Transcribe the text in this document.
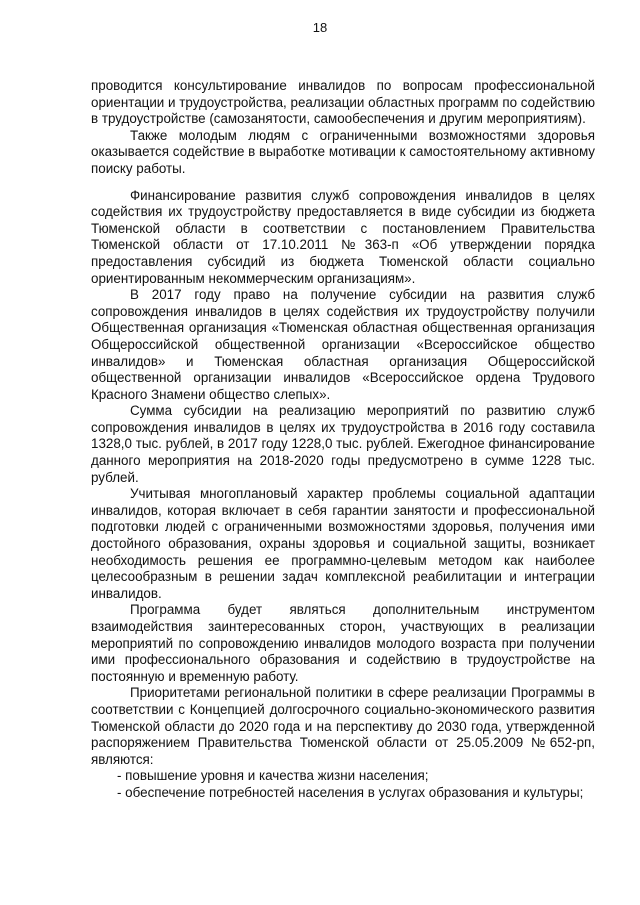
18

проводится консультирование инвалидов по вопросам профессиональной ориентации и трудоустройства, реализации областных программ по содействию в трудоустройстве (самозанятости, самообеспечения и другим мероприятиям).

Также молодым людям с ограниченными возможностями здоровья оказывается содействие в выработке мотивации к самостоятельному активному поиску работы.

Финансирование развития служб сопровождения инвалидов в целях содействия их трудоустройству предоставляется в виде субсидии из бюджета Тюменской области в соответствии с постановлением Правительства Тюменской области от 17.10.2011 №363-п «Об утверждении порядка предоставления субсидий из бюджета Тюменской области социально ориентированным некоммерческим организациям».

В 2017 году право на получение субсидии на развития служб сопровождения инвалидов в целях содействия их трудоустройству получили Общественная организация «Тюменская областная общественная организация Общероссийской общественной организации «Всероссийское общество инвалидов» и Тюменская областная организация Общероссийской общественной организации инвалидов «Всероссийское ордена Трудового Красного Знамени общество слепых».

Сумма субсидии на реализацию мероприятий по развитию служб сопровождения инвалидов в целях их трудоустройства в 2016 году составила 1328,0 тыс. рублей, в 2017 году 1228,0 тыс. рублей. Ежегодное финансирование данного мероприятия на 2018-2020 годы предусмотрено в сумме 1228 тыс. рублей.

Учитывая многоплановый характер проблемы социальной адаптации инвалидов, которая включает в себя гарантии занятости и профессиональной подготовки людей с ограниченными возможностями здоровья, получения ими достойного образования, охраны здоровья и социальной защиты, возникает необходимость решения ее программно-целевым методом как наиболее целесообразным в решении задач комплексной реабилитации и интеграции инвалидов.

Программа будет являться дополнительным инструментом взаимодействия заинтересованных сторон, участвующих в реализации мероприятий по сопровождению инвалидов молодого возраста при получении ими профессионального образования и содействию в трудоустройстве на постоянную и временную работу.

Приоритетами региональной политики в сфере реализации Программы в соответствии с Концепцией долгосрочного социально-экономического развития Тюменской области до 2020 года и на перспективу до 2030 года, утвержденной распоряжением Правительства Тюменской области от 25.05.2009 №652-рп, являются:

- повышение уровня и качества жизни населения;

- обеспечение потребностей населения в услугах образования и культуры;
